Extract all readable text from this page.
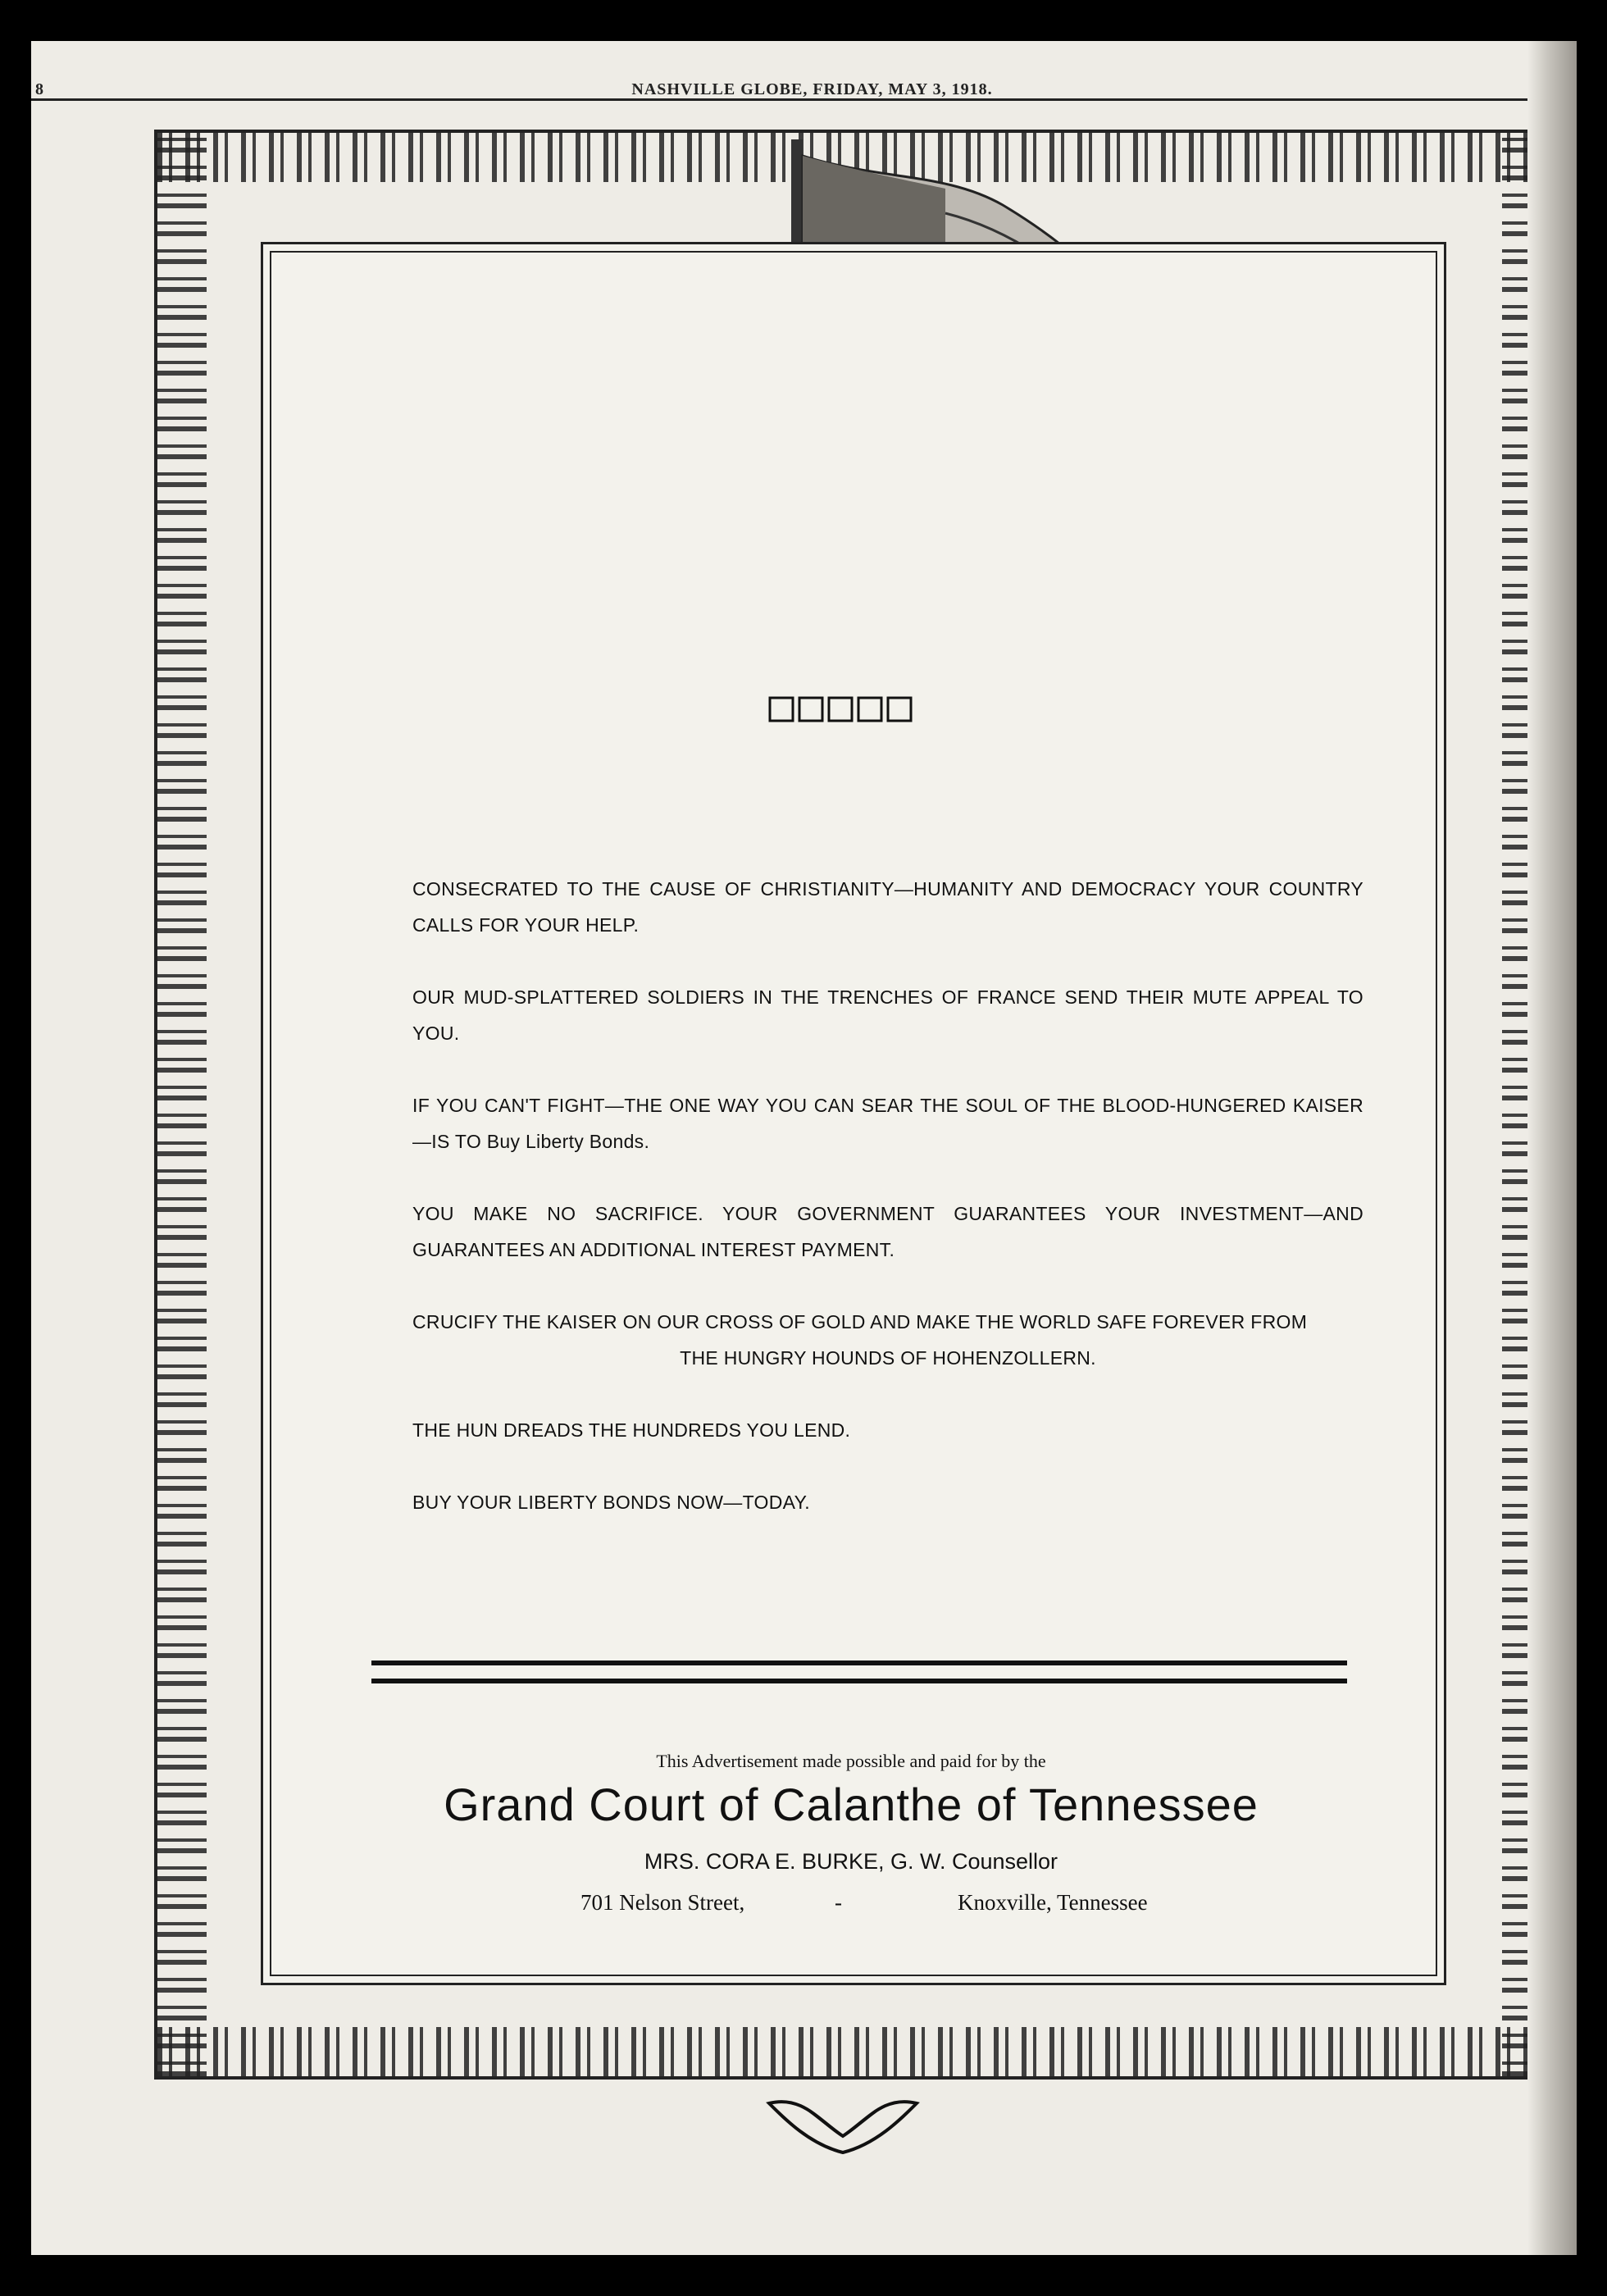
8	NASHVILLE GLOBE, FRIDAY, MAY 3, 1918.

CONSECRATED TO THE CAUSE OF CHRISTIANITY—HUMANITY AND DEMOCRACY YOUR COUNTRY CALLS FOR YOUR HELP.

OUR MUD-SPLATTERED SOLDIERS IN THE TRENCHES OF FRANCE SEND THEIR MUTE APPEAL TO YOU.

IF YOU CAN'T FIGHT—THE ONE WAY YOU CAN SEAR THE SOUL OF THE BLOOD-HUNGERED KAISER—IS TO Buy Liberty Bonds.

YOU MAKE NO SACRIFICE. YOUR GOVERNMENT GUARANTEES YOUR INVESTMENT—AND GUARANTEES AN ADDITIONAL INTEREST PAYMENT.

CRUCIFY THE KAISER ON OUR CROSS OF GOLD AND MAKE THE WORLD SAFE FOREVER FROM
THE HUNGRY HOUNDS OF HOHENZOLLERN.

THE HUN DREADS THE HUNDREDS YOU LEND.

BUY YOUR LIBERTY BONDS NOW—TODAY.

This Advertisement made possible and paid for by the
Grand Court of Calanthe of Tennessee
MRS. CORA E. BURKE, G. W. Counsellor
701 Nelson Street,	-	Knoxville, Tennessee
